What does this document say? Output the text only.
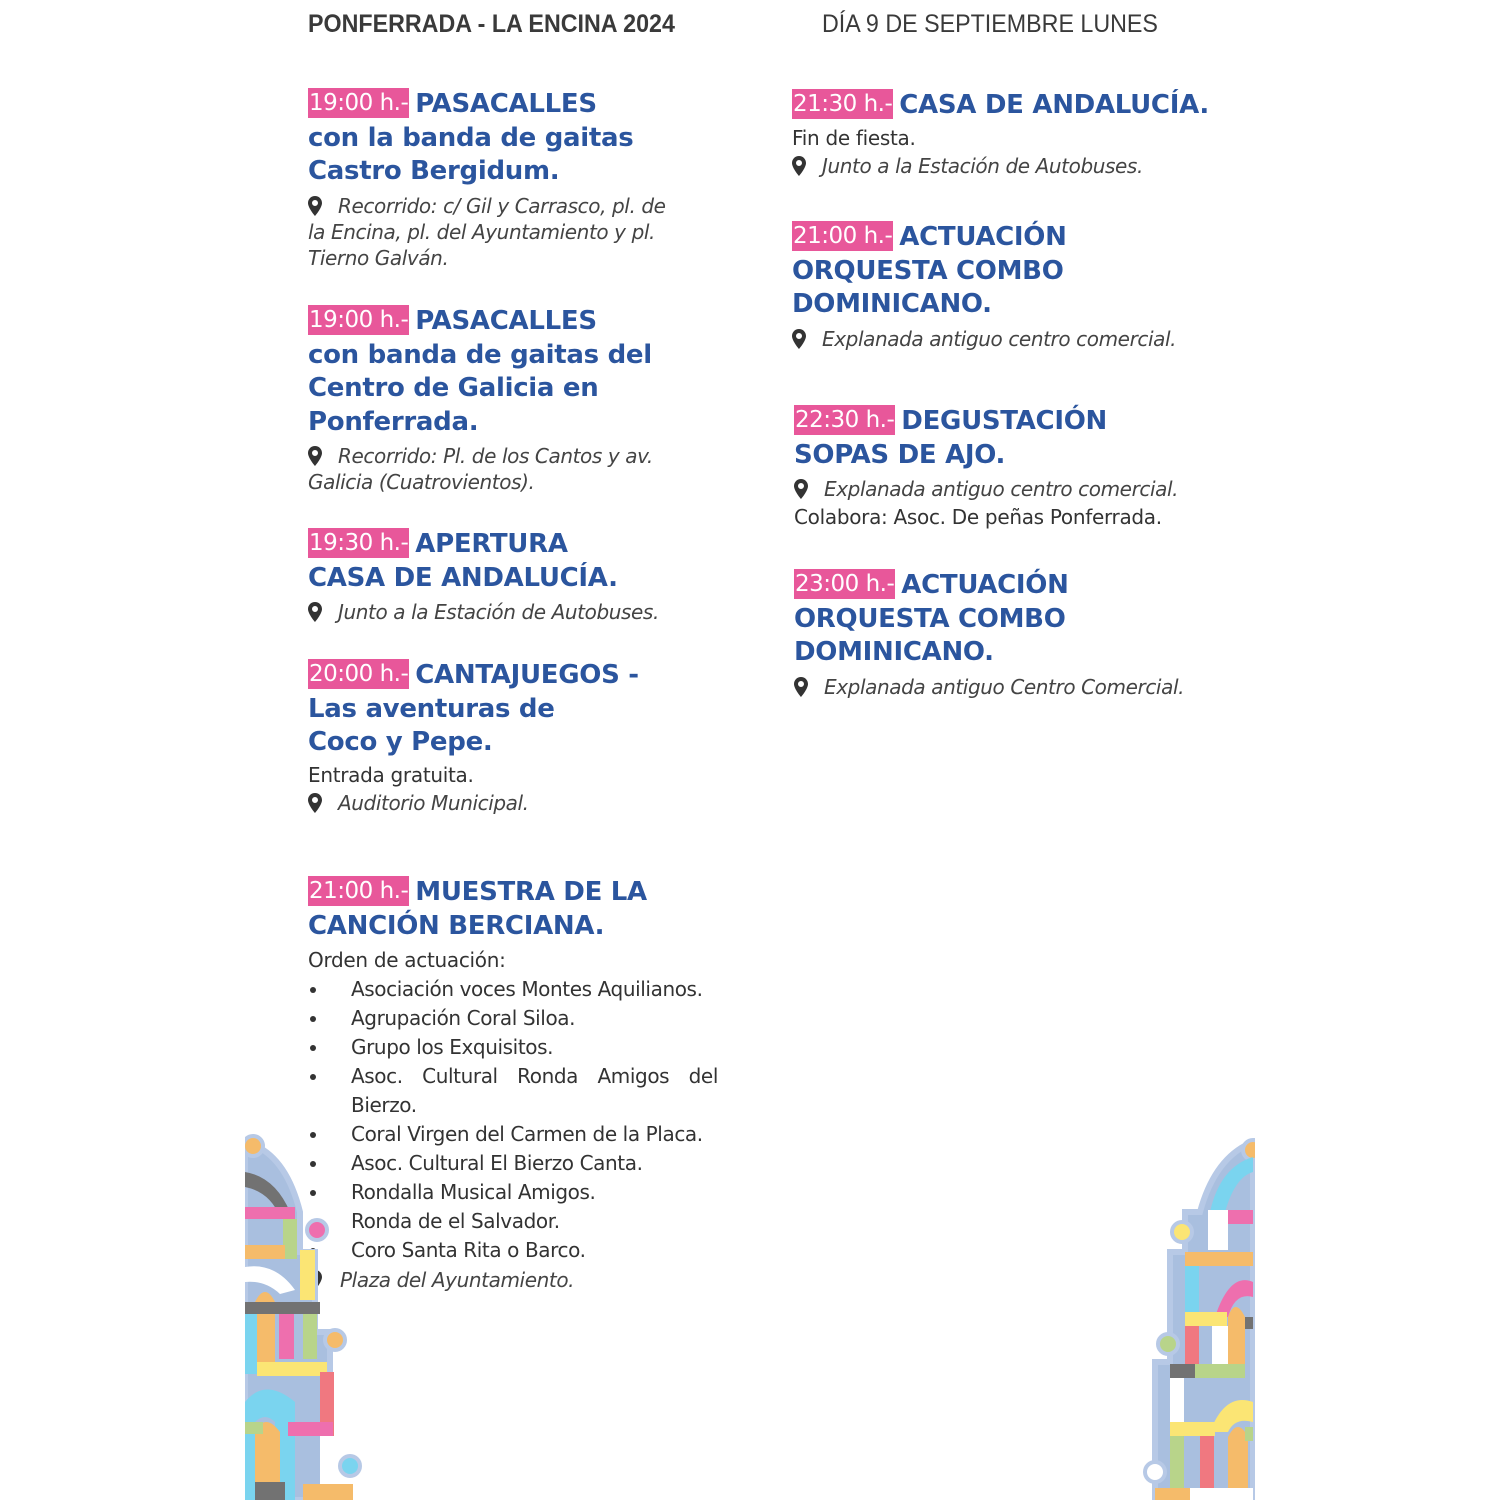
PONFERRADA - LA ENCINA 2024	DÍA 9 DE SEPTIEMBRE LUNES
19:00 h.- PASACALLES
con la banda de gaitas
Castro Bergidum.
Recorrido: c/ Gil y Carrasco, pl. de
la Encina, pl. del Ayuntamiento y pl.
Tierno Galván.
19:00 h.- PASACALLES
con banda de gaitas del
Centro de Galicia en
Ponferrada.
Recorrido: Pl. de los Cantos y av.
Galicia (Cuatrovientos).
19:30 h.- APERTURA
CASA DE ANDALUCÍA.
Junto a la Estación de Autobuses.
20:00 h.- CANTAJUEGOS -
Las aventuras de
Coco y Pepe.
Entrada gratuita.
Auditorio Municipal.
21:00 h.- MUESTRA DE LA
CANCIÓN BERCIANA.
Orden de actuación:
Asociación voces Montes Aquilianos.
Agrupación Coral Siloa.
Grupo los Exquisitos.
Asoc. Cultural Ronda Amigos del Bierzo.
Coral Virgen del Carmen de la Placa.
Asoc. Cultural El Bierzo Canta.
Rondalla Musical Amigos.
Ronda de el Salvador.
Coro Santa Rita o Barco.
Plaza del Ayuntamiento.
21:30 h.- CASA DE ANDALUCÍA.
Fin de fiesta.
Junto a la Estación de Autobuses.
21:00 h.- ACTUACIÓN
ORQUESTA COMBO
DOMINICANO.
Explanada antiguo centro comercial.
22:30 h.- DEGUSTACIÓN
SOPAS DE AJO.
Explanada antiguo centro comercial.
Colabora: Asoc. De peñas Ponferrada.
23:00 h.- ACTUACIÓN
ORQUESTA COMBO
DOMINICANO.
Explanada antiguo Centro Comercial.
